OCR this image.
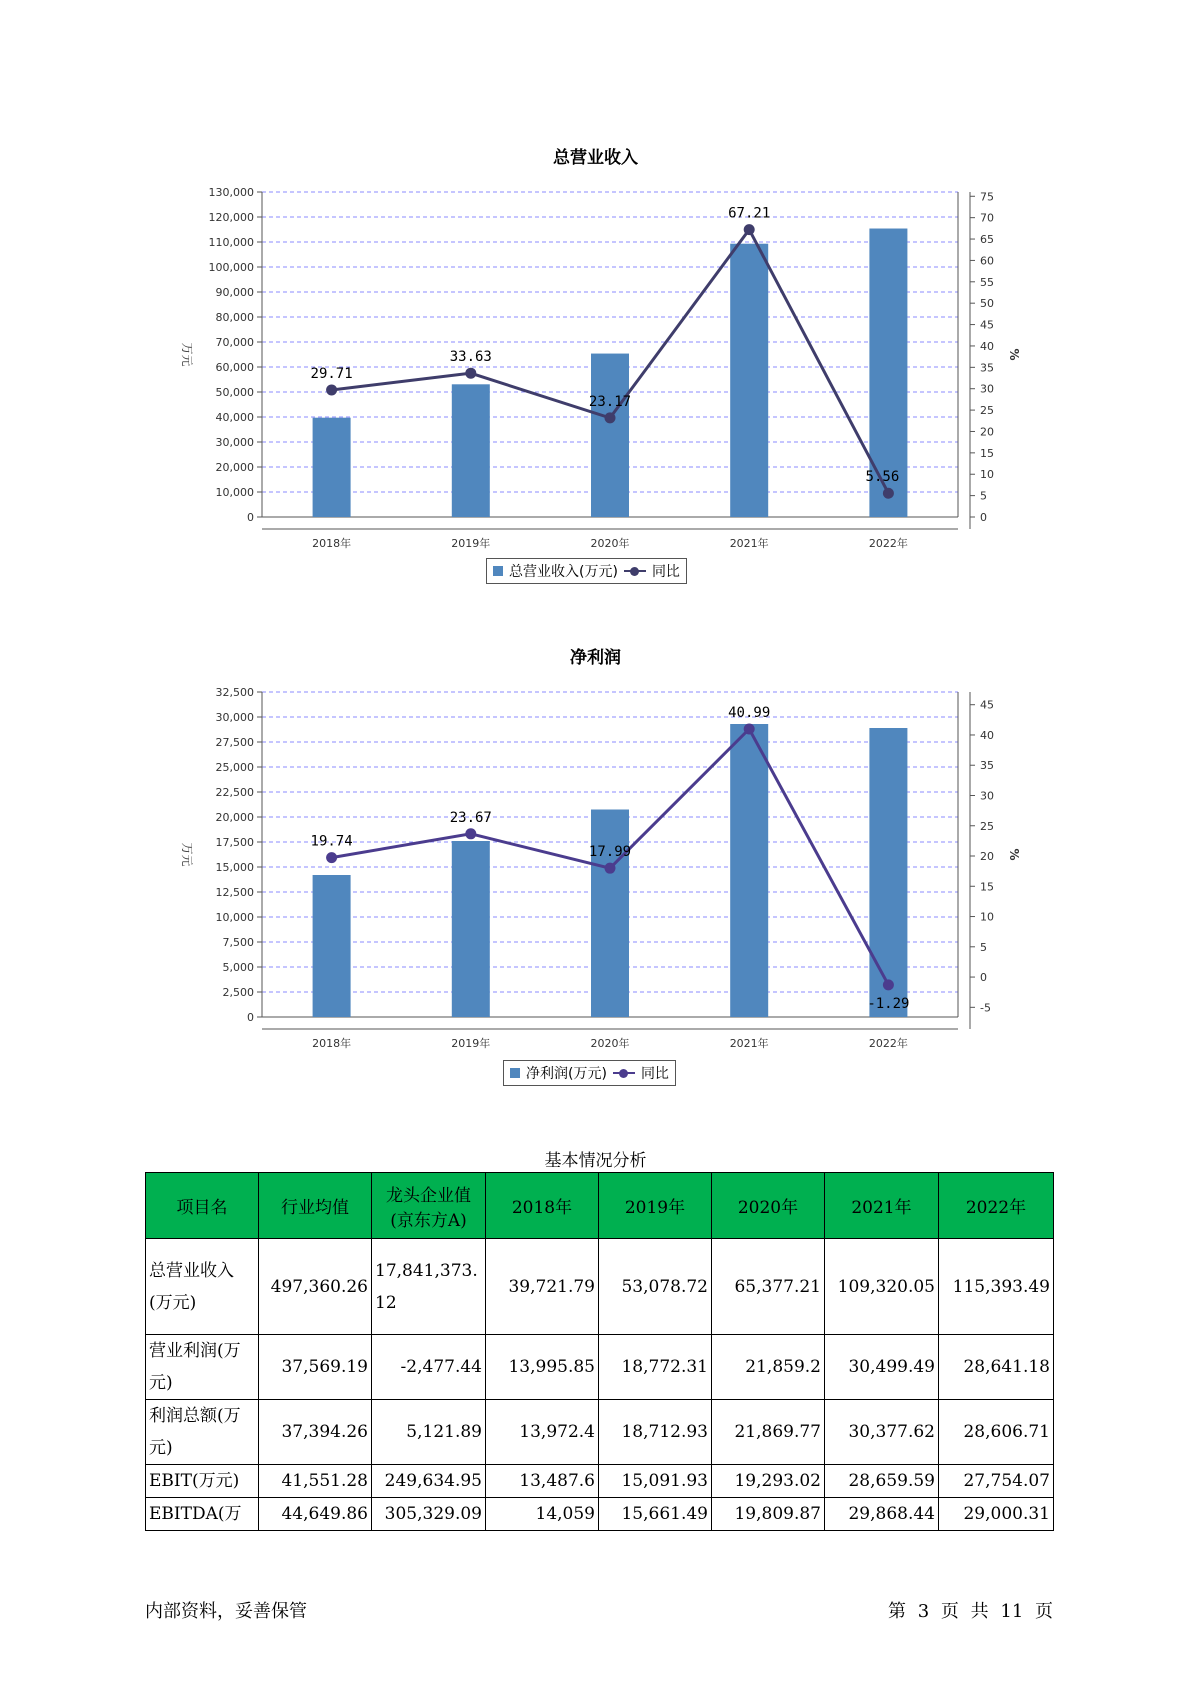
总营业收入
0
10,000
20,000
30,000
40,000
50,000
60,000
70,000
80,000
90,000
100,000
110,000
120,000
130,000
0
5
10
15
20
25
30
35
40
45
50
55
60
65
70
75
万元	%
2018年	2019年	2020年	2021年	2022年
29.71
33.63
23.17
67.21
5.56
总营业收入(万元) 同比
净利润
0
2,500
5,000
7,500
10,000
12,500
15,000
17,500
20,000
22,500
25,000
27,500
30,000
32,500
-5
0
5
10
15
20
25
30
35
40
45
万元	%
2018年	2019年	2020年	2021年	2022年
19.74
23.67
17.99
40.99
-1.29
净利润(万元) 同比
基本情况分析
项目名	行业均值	龙头企业值(京东方A)	2018年	2019年	2020年	2021年	2022年
总营业收入(万元)	497,360.26	17,841,373.12	39,721.79	53,078.72	65,377.21	109,320.05	115,393.49
营业利润(万元)	37,569.19	-2,477.44	13,995.85	18,772.31	21,859.2	30,499.49	28,641.18
利润总额(万元)	37,394.26	5,121.89	13,972.4	18,712.93	21,869.77	30,377.62	28,606.71
EBIT(万元)	41,551.28	249,634.95	13,487.6	15,091.93	19,293.02	28,659.59	27,754.07
EBITDA(万	44,649.86	305,329.09	14,059	15,661.49	19,809.87	29,868.44	29,000.31
内部资料，妥善保管	第 3 页 共 11 页
